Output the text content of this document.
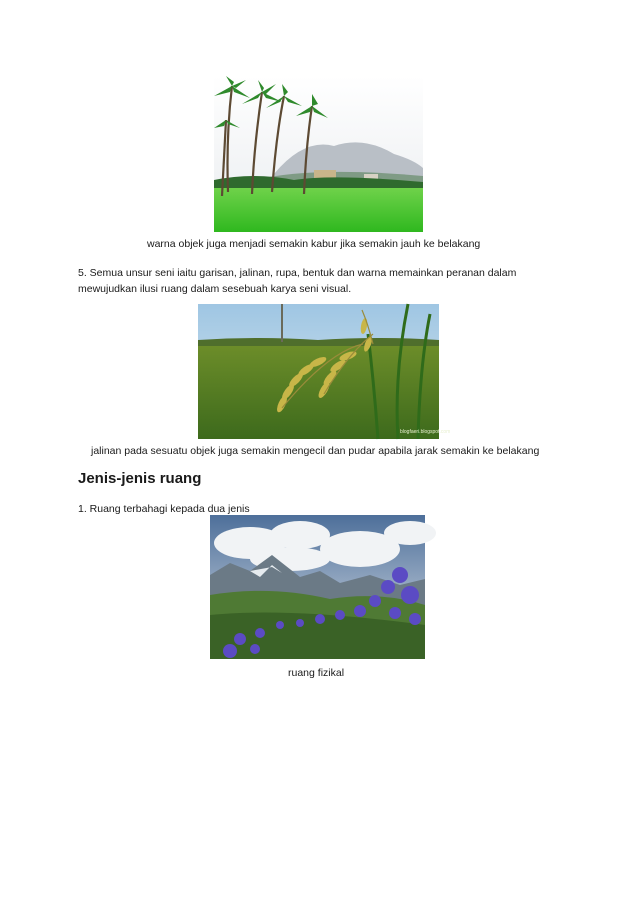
warna objek juga menjadi semakin kabur jika semakin jauh ke belakang
5. Semua unsur seni iaitu garisan, jalinan, rupa, bentuk dan warna memainkan peranan dalam
mewujudkan ilusi ruang dalam sesebuah karya seni visual.
blogfaeri.blogspot.com
jalinan pada sesuatu objek juga semakin mengecil dan pudar apabila jarak semakin ke belakang
Jenis-jenis ruang
1. Ruang terbahagi kepada dua jenis
ruang fizikal
